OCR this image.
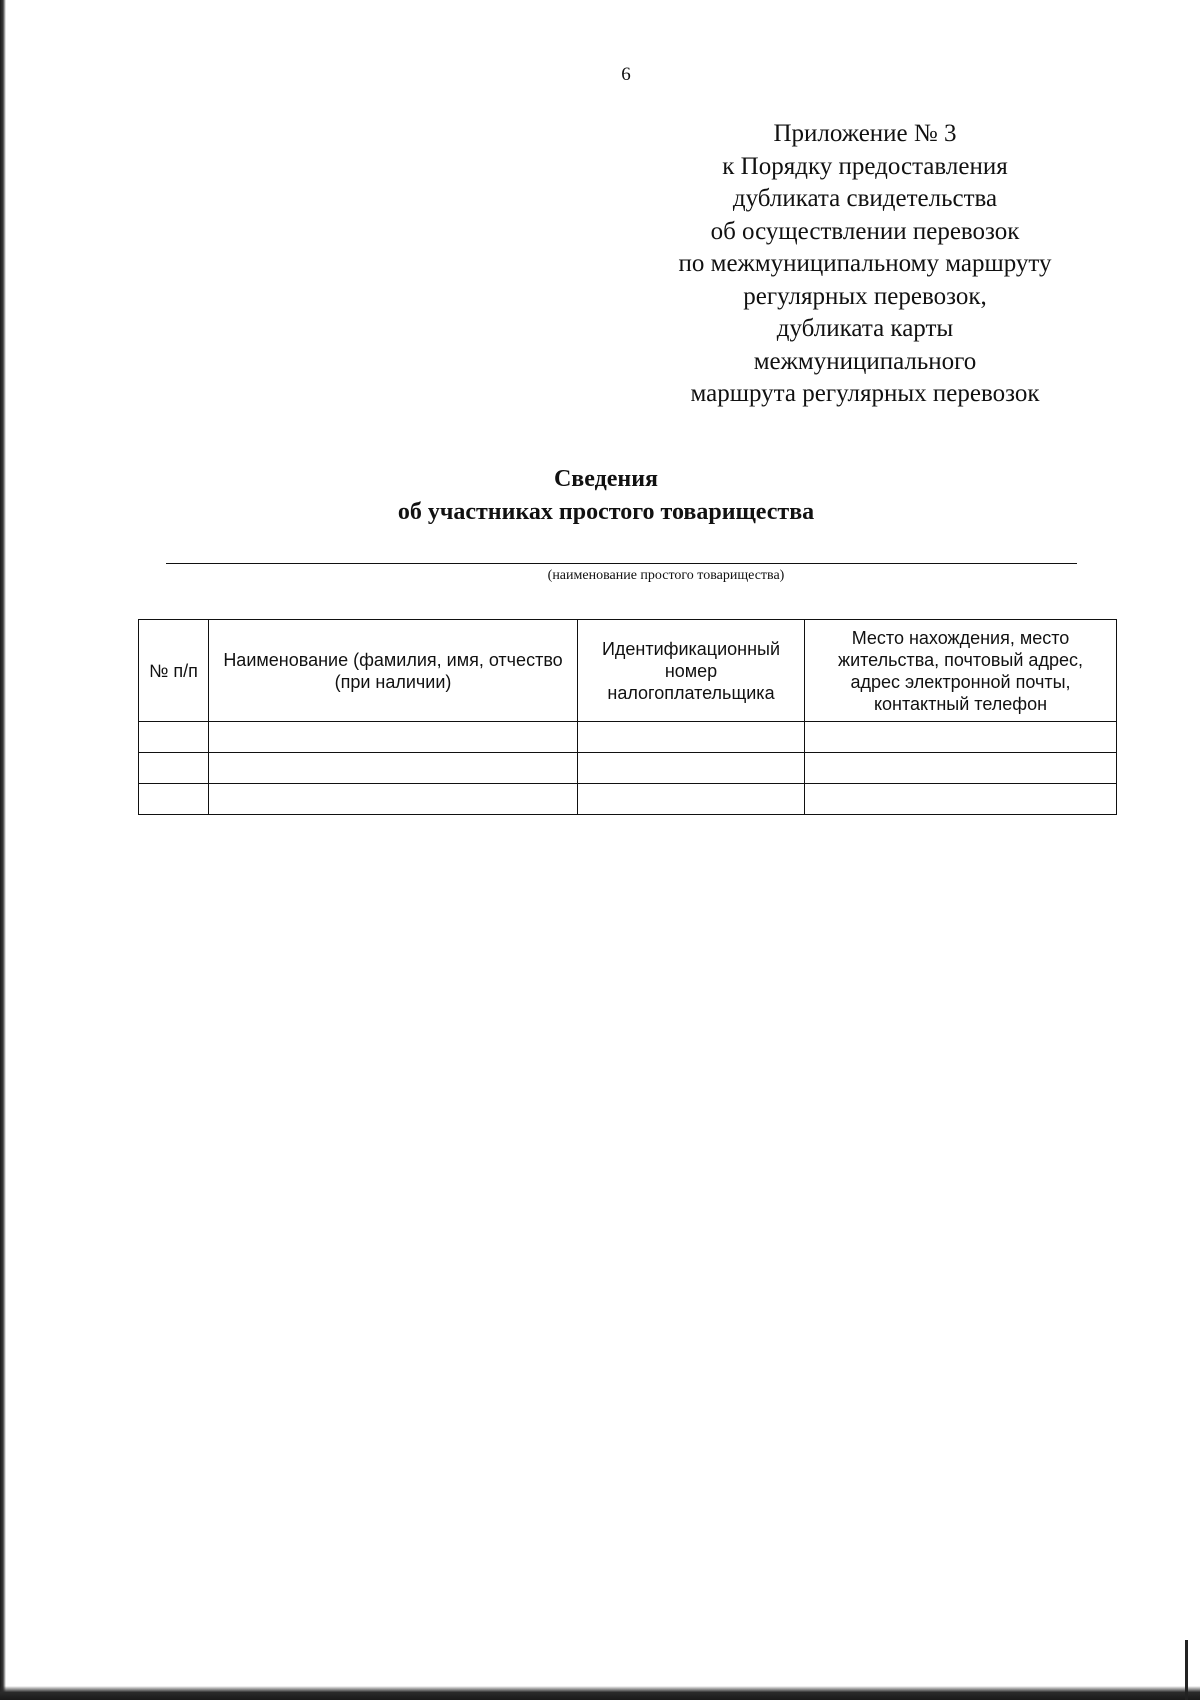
6
Приложение № 3
к Порядку предоставления
дубликата свидетельства
об осуществлении перевозок
по межмуниципальному маршруту
регулярных перевозок,
дубликата карты
межмуниципального
маршрута регулярных перевозок
Сведения
об участниках простого товарищества
(наименование простого товарищества)
№ п/п	Наименование (фамилия, имя, отчество (при наличии)	Идентификационный номер налогоплательщика	Место нахождения, место жительства, почтовый адрес, адрес электронной почты, контактный телефон
